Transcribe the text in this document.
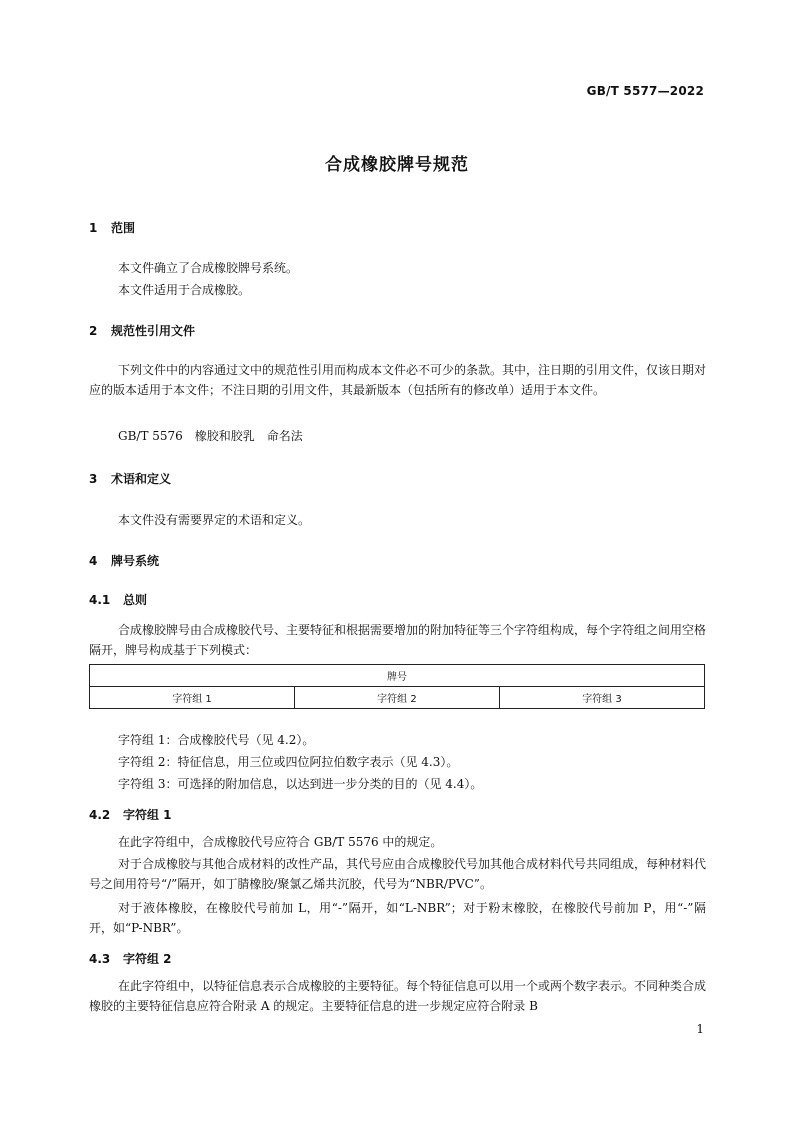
GB/T 5577—2022
合成橡胶牌号规范
1 范围
本文件确立了合成橡胶牌号系统。
本文件适用于合成橡胶。
2 规范性引用文件
下列文件中的内容通过文中的规范性引用而构成本文件必不可少的条款。其中，注日期的引用文件，仅该日期对应的版本适用于本文件；不注日期的引用文件，其最新版本（包括所有的修改单）适用于本文件。
GB/T 5576　橡胶和胶乳　命名法
3 术语和定义
本文件没有需要界定的术语和定义。
4 牌号系统
4.1 总则
合成橡胶牌号由合成橡胶代号、主要特征和根据需要增加的附加特征等三个字符组构成，每个字符组之间用空格隔开，牌号构成基于下列模式：
牌号
字符组 1	字符组 2	字符组 3
字符组 1：合成橡胶代号（见 4.2）。
字符组 2：特征信息，用三位或四位阿拉伯数字表示（见 4.3）。
字符组 3：可选择的附加信息，以达到进一步分类的目的（见 4.4）。
4.2 字符组 1
在此字符组中，合成橡胶代号应符合 GB/T 5576 中的规定。
对于合成橡胶与其他合成材料的改性产品，其代号应由合成橡胶代号加其他合成材料代号共同组成，每种材料代号之间用符号“/”隔开，如丁腈橡胶/聚氯乙烯共沉胶，代号为“NBR/PVC”。
对于液体橡胶，在橡胶代号前加 L，用“-”隔开，如“L-NBR”；对于粉末橡胶，在橡胶代号前加 P，用“-”隔开，如“P-NBR”。
4.3 字符组 2
在此字符组中，以特征信息表示合成橡胶的主要特征。每个特征信息可以用一个或两个数字表示。不同种类合成橡胶的主要特征信息应符合附录 A 的规定。主要特征信息的进一步规定应符合附录 B
1
